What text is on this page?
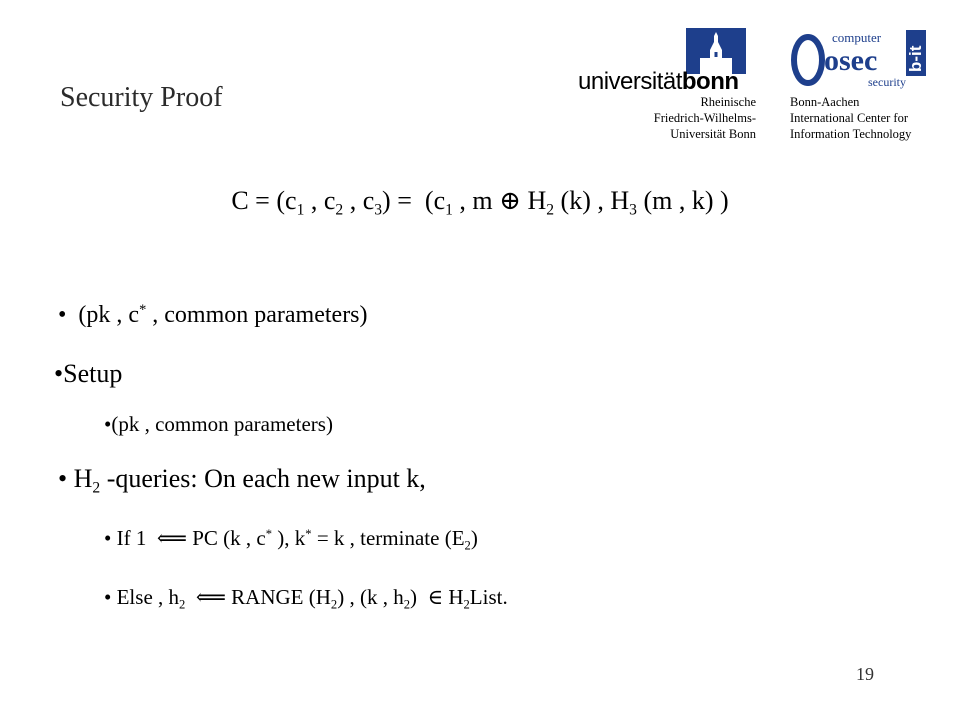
Security Proof
universitätbonn
Rheinische
Friedrich-Wilhelms-
Universität Bonn
computer
osec b-it
security
Bonn-Aachen
International Center for
Information Technology
$C = (c_1$ , $c_2$ , $c_3) = (c_1$ , m ⊕ $H_2$ (k) , $H_3$ (m , k) )
• (pk , c* , common parameters)
•Setup
•(pk , common parameters)
• $H_2$ -queries: On each new input k,
• If 1 ⟸ PC (k , c* ), k* = k , terminate $(E_2)$
• Else , $h_2$ ⟸ RANGE $(H_2)$ , (k , $h_2$) ∈ $H_2List$.
19
